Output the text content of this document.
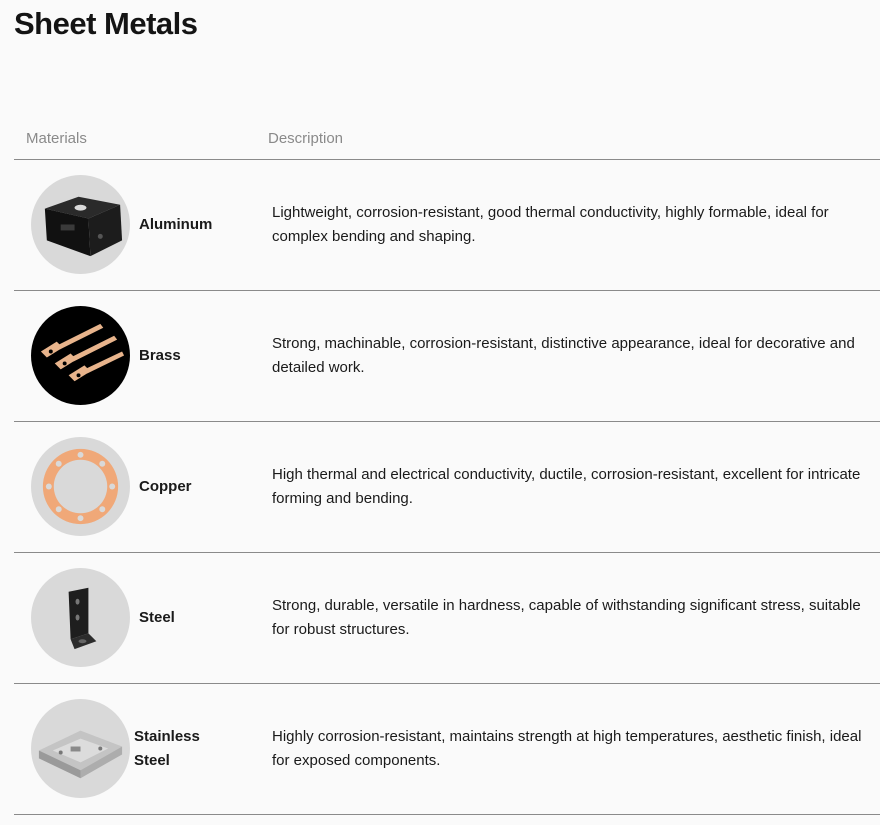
Sheet Metals
Materials	Description
Aluminum
Lightweight, corrosion-resistant, good thermal conductivity, highly formable, ideal for complex bending and shaping.
Brass
Strong, machinable, corrosion-resistant, distinctive appearance, ideal for decorative and detailed work.
Copper
High thermal and electrical conductivity, ductile, corrosion-resistant, excellent for intricate forming and bending.
Steel
Strong, durable, versatile in hardness, capable of withstanding significant stress, suitable for robust structures.
Stainless Steel
Highly corrosion-resistant, maintains strength at high temperatures, aesthetic finish, ideal for exposed components.
